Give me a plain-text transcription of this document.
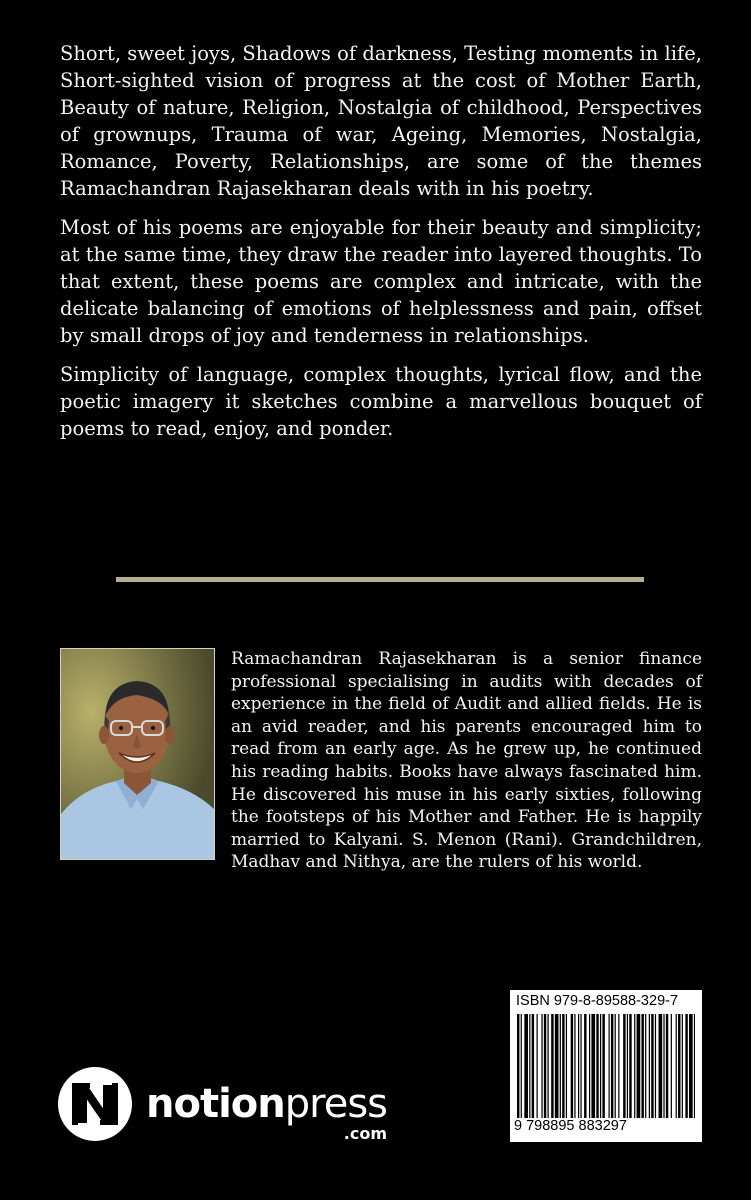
Short, sweet joys, Shadows of darkness, Testing moments in life, Short-sighted vision of progress at the cost of Mother Earth, Beauty of nature, Religion, Nostalgia of childhood, Perspectives of grownups, Trauma of war, Ageing, Memories, Nostalgia, Romance, Poverty, Relationships, are some of the themes Ramachandran Rajasekharan deals with in his poetry.

Most of his poems are enjoyable for their beauty and simplicity; at the same time, they draw the reader into layered thoughts. To that extent, these poems are complex and intricate, with the delicate balancing of emotions of helplessness and pain, offset by small drops of joy and tenderness in relationships.

Simplicity of language, complex thoughts, lyrical flow, and the poetic imagery it sketches combine a marvellous bouquet of poems to read, enjoy, and ponder.

Ramachandran Rajasekharan is a senior finance professional specialising in audits with decades of experience in the field of Audit and allied fields. He is an avid reader, and his parents encouraged him to read from an early age. As he grew up, he continued his reading habits. Books have always fascinated him. He discovered his muse in his early sixties, following the footsteps of his Mother and Father. He is happily married to Kalyani. S. Menon (Rani). Grandchildren, Madhav and Nithya, are the rulers of his world.
notionpress
.com
ISBN 979-8-89588-329-7
9 798895 883297
